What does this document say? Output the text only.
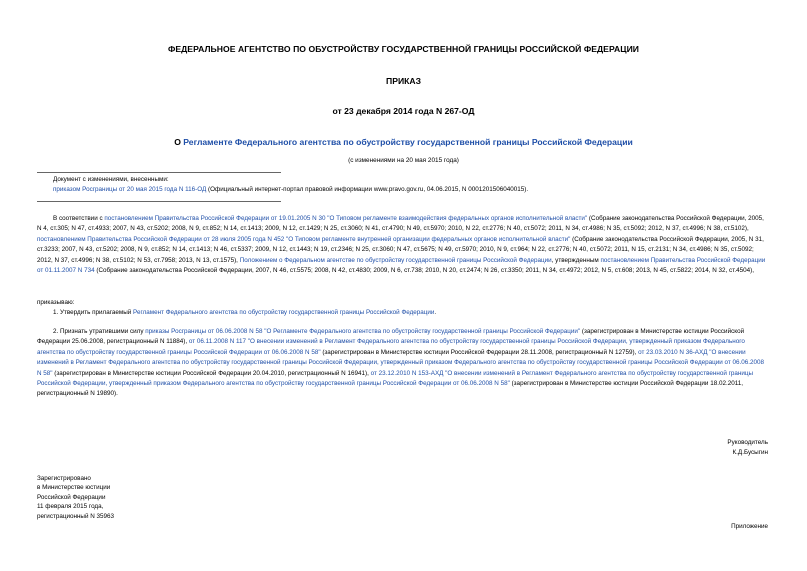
ФЕДЕРАЛЬНОЕ АГЕНТСТВО ПО ОБУСТРОЙСТВУ ГОСУДАРСТВЕННОЙ ГРАНИЦЫ РОССИЙСКОЙ ФЕДЕРАЦИИ
ПРИКАЗ
от 23 декабря 2014 года N 267-ОД
О Регламенте Федерального агентства по обустройству государственной границы Российской Федерации
(с изменениями на 20 мая 2015 года)
Документ с изменениями, внесенными:
приказом Росграницы от 20 мая 2015 года N 116-ОД (Официальный интернет-портал правовой информации www.pravo.gov.ru, 04.06.2015, N 0001201506040015).
В соответствии с постановлением Правительства Российской Федерации от 19.01.2005 N 30 "О Типовом регламенте взаимодействия федеральных органов исполнительной власти" (Собрание законодательства Российской Федерации, 2005, N 4, ст.305; N 47, ст.4933; 2007, N 43, ст.5202; 2008, N 9, ст.852; N 14, ст.1413; 2009, N 12, ст.1429; N 25, ст.3060; N 41, ст.4790; N 49, ст.5970; 2010, N 22, ст.2776; N 40, ст.5072; 2011, N 34, ст.4986; N 35, ст.5092; 2012, N 37, ст.4996; N 38, ст.5102), постановлением Правительства Российской Федерации от 28 июля 2005 года N 452 "О Типовом регламенте внутренней организации федеральных органов исполнительной власти" (Собрание законодательства Российской Федерации, 2005, N 31, ст.3233; 2007, N 43, ст.5202; 2008, N 9, ст.852; N 14, ст.1413; N 46, ст.5337; 2009, N 12, ст.1443; N 19, ст.2346; N 25, ст.3060; N 47, ст.5675; N 49, ст.5970; 2010, N 9, ст.964; N 22, ст.2776; N 40, ст.5072; 2011, N 15, ст.2131; N 34, ст.4986; N 35, ст.5092; 2012, N 37, ст.4996; N 38, ст.5102; N 53, ст.7958; 2013, N 13, ст.1575), Положением о Федеральном агентстве по обустройству государственной границы Российской Федерации, утвержденным постановлением Правительства Российской Федерации от 01.11.2007 N 734 (Собрание законодательства Российской Федерации, 2007, N 46, ст.5575; 2008, N 42, ст.4830; 2009, N 6, ст.738; 2010, N 20, ст.2474; N 26, ст.3350; 2011, N 34, ст.4972; 2012, N 5, ст.608; 2013, N 45, ст.5822; 2014, N 32, ст.4504),
приказываю:
1. Утвердить прилагаемый Регламент Федерального агентства по обустройству государственной границы Российской Федерации.
2. Признать утратившими силу приказы Росграницы от 06.06.2008 N 58 "О Регламенте Федерального агентства по обустройству государственной границы Российской Федерации" (зарегистрирован в Министерстве юстиции Российской Федерации 25.06.2008, регистрационный N 11884), от 06.11.2008 N 117 "О внесении изменений в Регламент Федерального агентства по обустройству государственной границы Российской Федерации, утвержденный приказом Федерального агентства по обустройству государственной границы Российской Федерации от 06.06.2008 N 58" (зарегистрирован в Министерстве юстиции Российской Федерации 28.11.2008, регистрационный N 12759), от 23.03.2010 N 36-АХД "О внесении изменений в Регламент Федерального агентства по обустройству государственной границы Российской Федерации, утвержденный приказом Федерального агентства по обустройству государственной границы Российской Федерации от 06.06.2008 N 58" (зарегистрирован в Министерстве юстиции Российской Федерации 20.04.2010, регистрационный N 16941), от 23.12.2010 N 153-АХД "О внесении изменений в Регламент Федерального агентства по обустройству государственной границы Российской Федерации, утвержденный приказом Федерального агентства по обустройству государственной границы Российской Федерации от 06.06.2008 N 58" (зарегистрирован в Министерстве юстиции Российской Федерации 18.02.2011, регистрационный N 19890).
Руководитель
К.Д.Бусыгин
Зарегистрировано
в Министерстве юстиции
Российской Федерации
11 февраля 2015 года,
регистрационный N 35963
Приложение
